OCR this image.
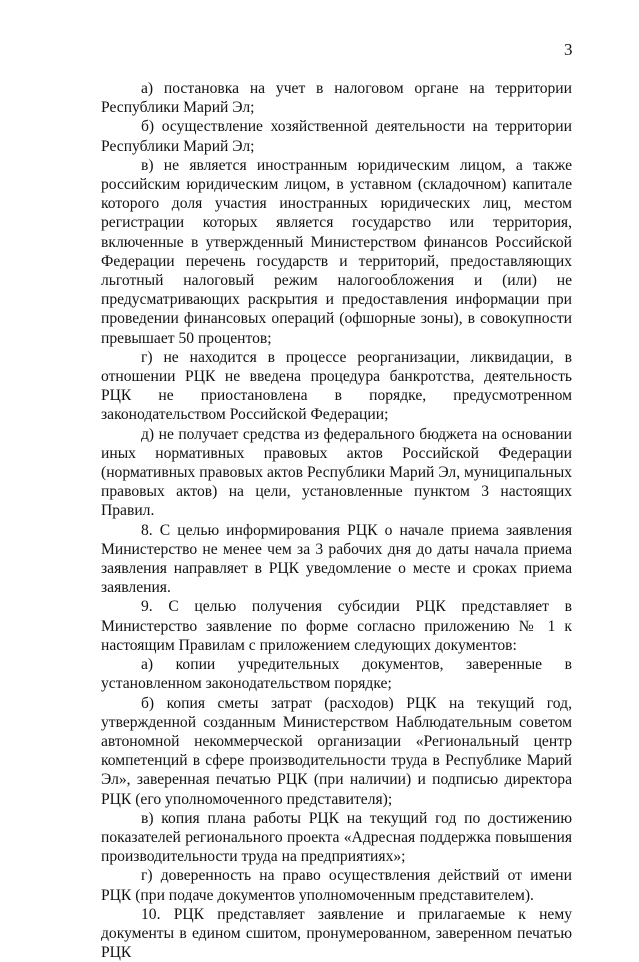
3

а) постановка на учет в налоговом органе на территории Республики Марий Эл;

б) осуществление хозяйственной деятельности на территории Республики Марий Эл;

в) не является иностранным юридическим лицом, а также российским юридическим лицом, в уставном (складочном) капитале которого доля участия иностранных юридических лиц, местом регистрации которых является государство или территория, включенные в утвержденный Министерством финансов Российской Федерации перечень государств и территорий, предоставляющих льготный налоговый режим налогообложения и (или) не предусматривающих раскрытия и предоставления информации при проведении финансовых операций (офшорные зоны), в совокупности превышает 50 процентов;

г) не находится в процессе реорганизации, ликвидации, в отношении РЦК не введена процедура банкротства, деятельность РЦК не приостановлена в порядке, предусмотренном законодательством Российской Федерации;

д) не получает средства из федерального бюджета на основании иных нормативных правовых актов Российской Федерации (нормативных правовых актов Республики Марий Эл, муниципальных правовых актов) на цели, установленные пунктом 3 настоящих Правил.

8. С целью информирования РЦК о начале приема заявления Министерство не менее чем за 3 рабочих дня до даты начала приема заявления направляет в РЦК уведомление о месте и сроках приема заявления.

9. С целью получения субсидии РЦК представляет в Министерство заявление по форме согласно приложению № 1 к настоящим Правилам с приложением следующих документов:

а) копии учредительных документов, заверенные в установленном законодательством порядке;

б) копия сметы затрат (расходов) РЦК на текущий год, утвержденной созданным Министерством Наблюдательным советом автономной некоммерческой организации «Региональный центр компетенций в сфере производительности труда в Республике Марий Эл», заверенная печатью РЦК (при наличии) и подписью директора РЦК (его уполномоченного представителя);

в) копия плана работы РЦК на текущий год по достижению показателей регионального проекта «Адресная поддержка повышения производительности труда на предприятиях»;

г) доверенность на право осуществления действий от имени РЦК (при подаче документов уполномоченным представителем).

10. РЦК представляет заявление и прилагаемые к нему документы в едином сшитом, пронумерованном, заверенном печатью РЦК
